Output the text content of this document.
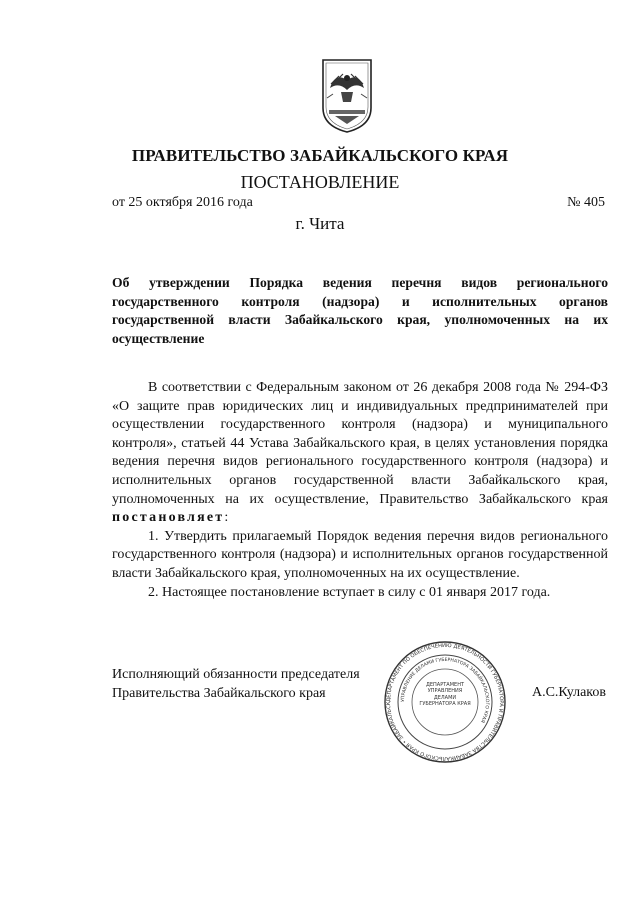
ПРАВИТЕЛЬСТВО ЗАБАЙКАЛЬСКОГО КРАЯ
ПОСТАНОВЛЕНИЕ
от 25 октября 2016 года	№ 405
г. Чита
Об утверждении Порядка ведения перечня видов регионального государственного контроля (надзора) и исполнительных органов государственной власти Забайкальского края, уполномоченных на их осуществление

В соответствии с Федеральным законом от 26 декабря 2008 года № 294-ФЗ «О защите прав юридических лиц и индивидуальных предпринимателей при осуществлении государственного контроля (надзора) и муниципального контроля», статьей 44 Устава Забайкальского края, в целях установления порядка ведения перечня видов регионального государственного контроля (надзора) и исполнительных органов государственной власти Забайкальского края, уполномоченных на их осуществление, Правительство Забайкальского края постановляет:

1. Утвердить прилагаемый Порядок ведения перечня видов регионального государственного контроля (надзора) и исполнительных органов государственной власти Забайкальского края, уполномоченных на их осуществление.

2. Настоящее постановление вступает в силу с 01 января 2017 года.

Исполняющий обязанности председателя
Правительства Забайкальского края	А.С.Кулаков
ДЕПАРТАМЕНТ ПО ОБЕСПЕЧЕНИЮ ДЕЯТЕЛЬНОСТИ ГУБЕРНАТОРА И ПРАВИТЕЛЬСТВА ЗАБАЙКАЛЬСКОГО КРАЯ • ЗАБАЙКАЛЬСК
УПРАВЛЕНИЕ ДЕЛАМИ ГУБЕРНАТОРА ЗАБАЙКАЛЬСКОГО КРАЯ
ДЕПАРТАМЕНТ УПРАВЛЕНИЯ ДЕЛАМИ ГУБЕРНАТОРА КРАЯ
